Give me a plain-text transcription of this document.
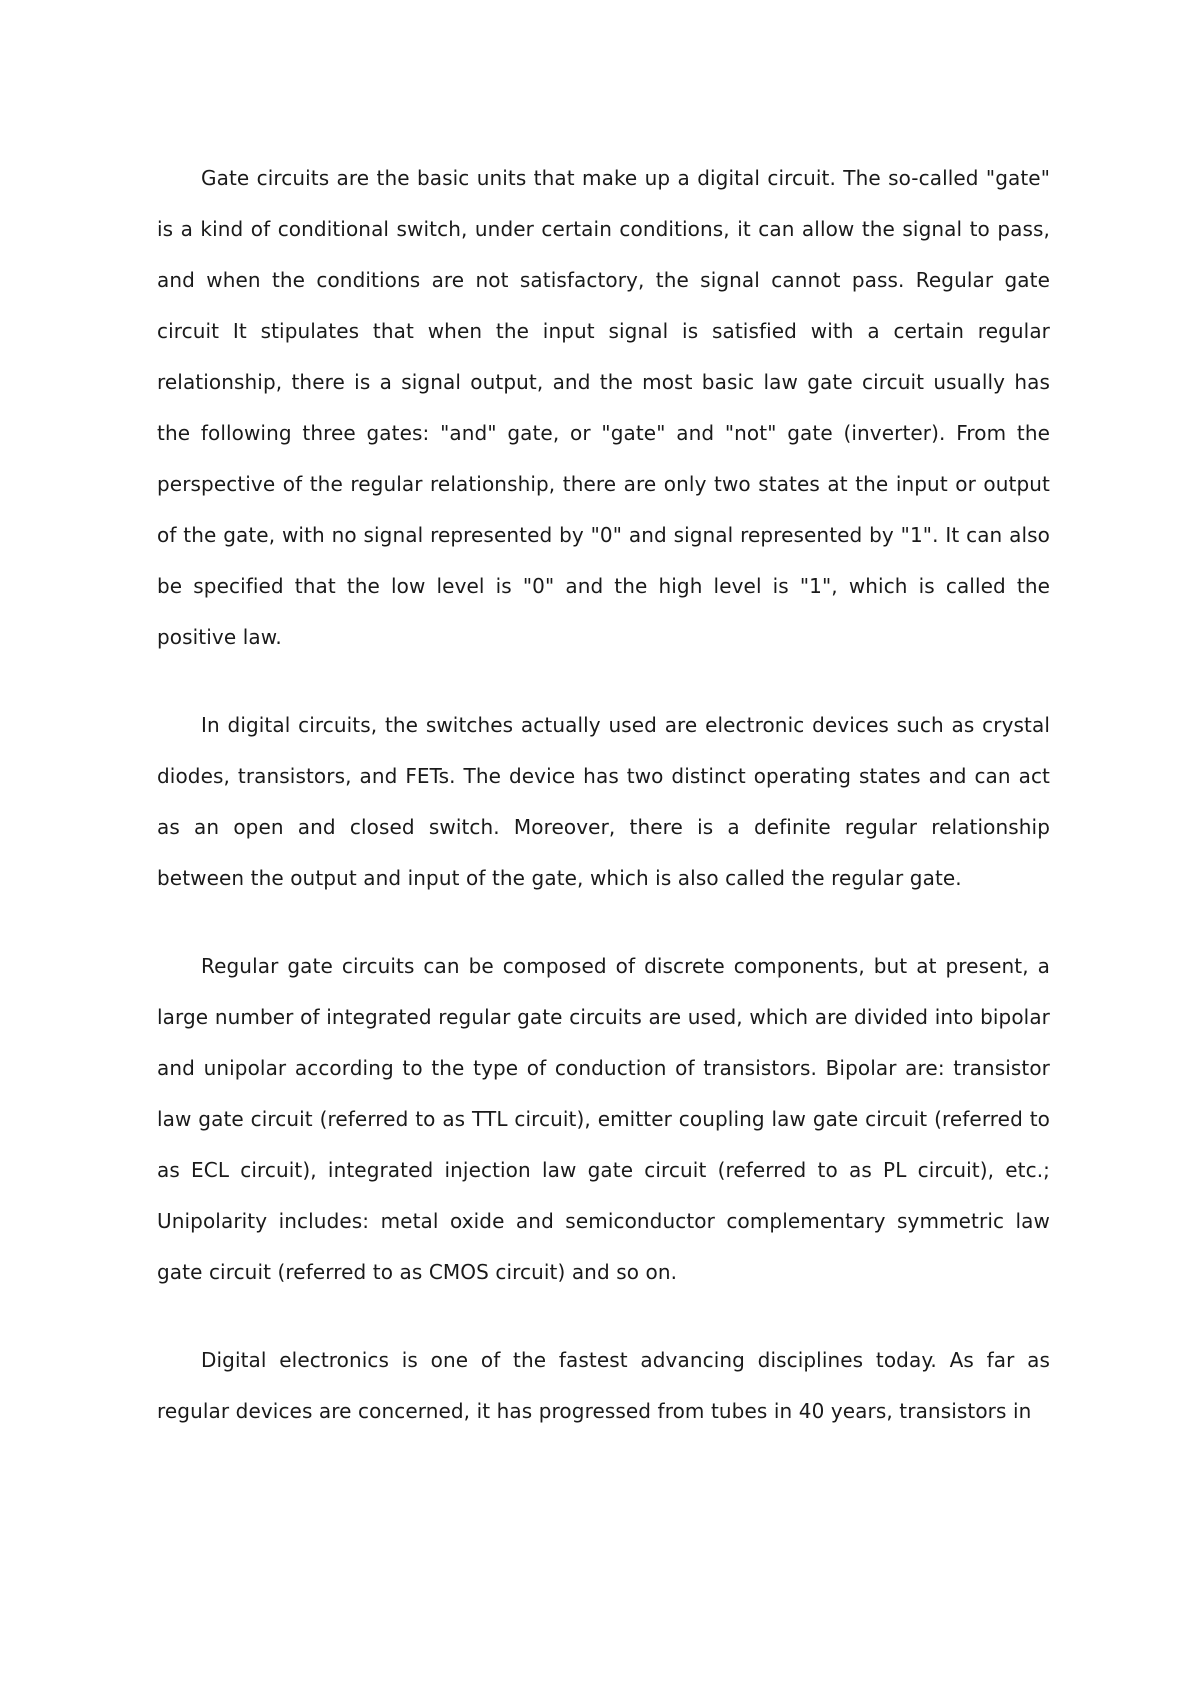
Gate circuits are the basic units that make up a digital circuit. The so-called "gate" is a kind of conditional switch, under certain conditions, it can allow the signal to pass, and when the conditions are not satisfactory, the signal cannot pass. Regular gate circuit It stipulates that when the input signal is satisfied with a certain regular relationship, there is a signal output, and the most basic law gate circuit usually has the following three gates: "and" gate, or "gate" and "not" gate (inverter). From the perspective of the regular relationship, there are only two states at the input or output of the gate, with no signal represented by "0" and signal represented by "1". It can also be specified that the low level is "0" and the high level is "1", which is called the positive law.

In digital circuits, the switches actually used are electronic devices such as crystal diodes, transistors, and FETs. The device has two distinct operating states and can act as an open and closed switch. Moreover, there is a definite regular relationship between the output and input of the gate, which is also called the regular gate.

Regular gate circuits can be composed of discrete components, but at present, a large number of integrated regular gate circuits are used, which are divided into bipolar and unipolar according to the type of conduction of transistors. Bipolar are: transistor law gate circuit (referred to as TTL circuit), emitter coupling law gate circuit (referred to as ECL circuit), integrated injection law gate circuit (referred to as PL circuit), etc.; Unipolarity includes: metal oxide and semiconductor complementary symmetric law gate circuit (referred to as CMOS circuit) and so on.

Digital electronics is one of the fastest advancing disciplines today. As far as regular devices are concerned, it has progressed from tubes in 40 years, transistors in
